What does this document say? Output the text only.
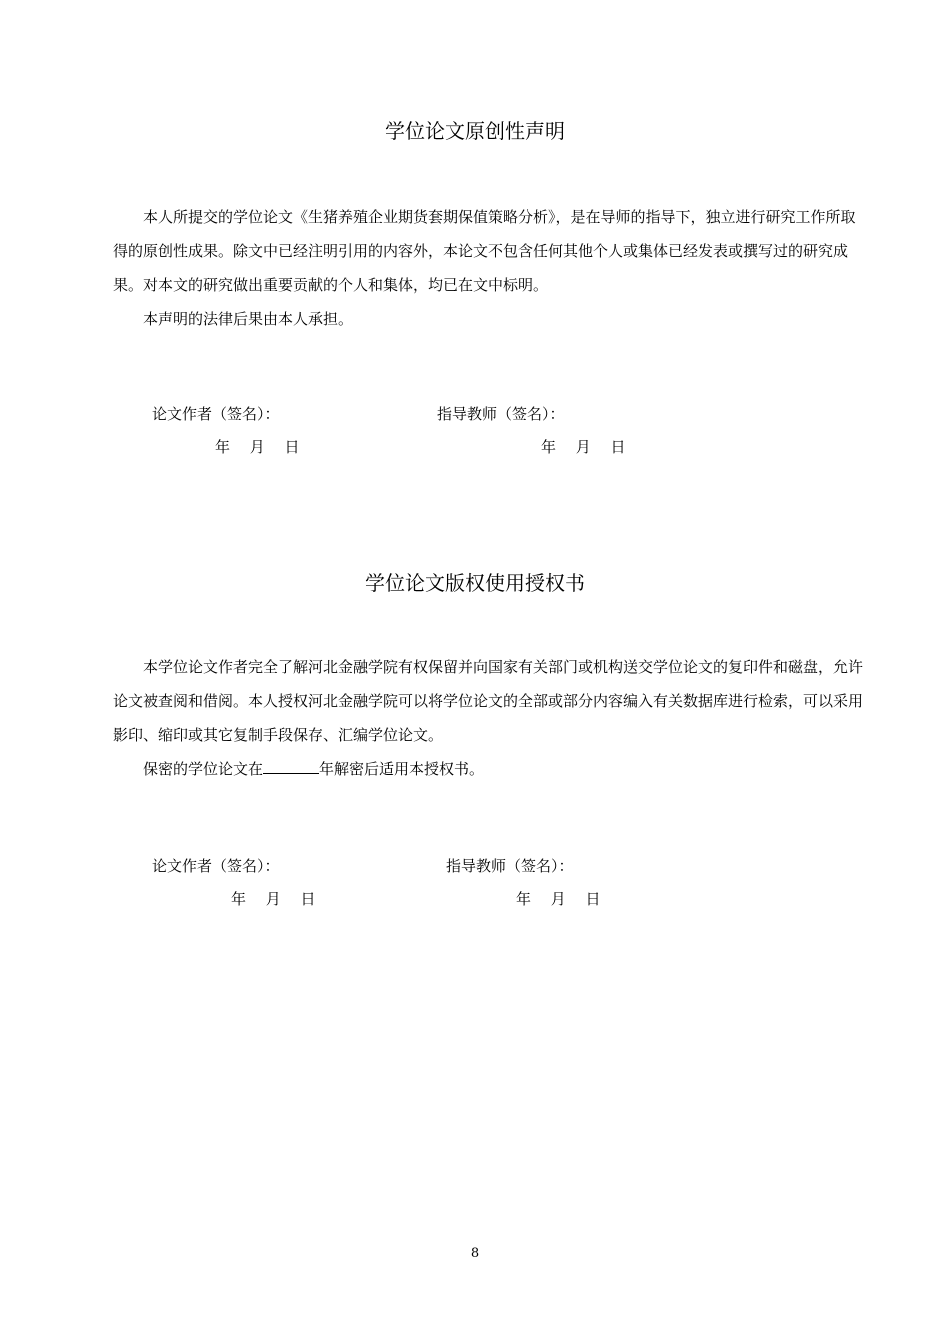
学位论文原创性声明

本人所提交的学位论文《生猪养殖企业期货套期保值策略分析》，是在导师的指导下，独立进行研究工作所取得的原创性成果。除文中已经注明引用的内容外，本论文不包含任何其他个人或集体已经发表或撰写过的研究成果。对本文的研究做出重要贡献的个人和集体，均已在文中标明。

本声明的法律后果由本人承担。

论文作者（签名）：	指导教师（签名）：
年　 月　 日	年　 月　 日
学位论文版权使用授权书

本学位论文作者完全了解河北金融学院有权保留并向国家有关部门或机构送交学位论文的复印件和磁盘，允许论文被查阅和借阅。本人授权河北金融学院可以将学位论文的全部或部分内容编入有关数据库进行检索，可以采用影印、缩印或其它复制手段保存、汇编学位论文。

保密的学位论文在	年解密后适用本授权书。

论文作者（签名）：	指导教师（签名）：
年　 月　 日	年　 月　 日
8
